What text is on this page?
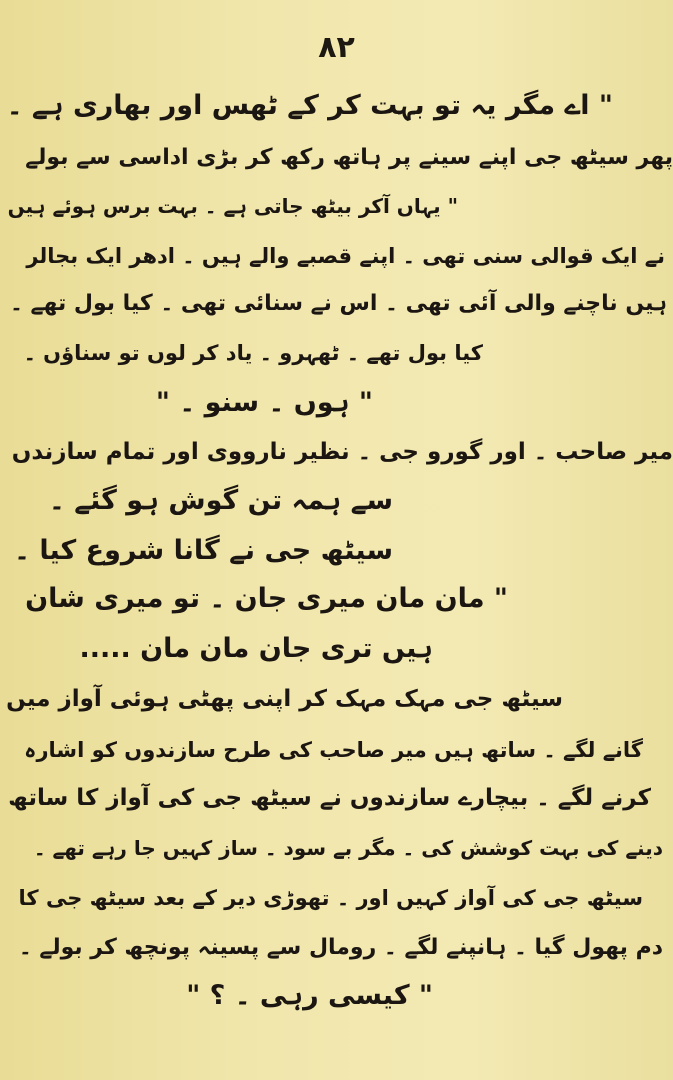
۸۲
" اے مگر یہ تو بہت کر کے ٹھس اور بھاری ہے ۔
پھر سیٹھ جی اپنے سینے پر ہاتھ رکھ کر بڑی اداسی سے بولے
" یہاں آکر بیٹھ جاتی ہے ۔ بہت برس ہوئے ہیں
نے ایک قوالی سنی تھی ۔ اپنے قصبے والے ہیں ۔ ادھر ایک بجالر
ہیں ناچنے والی آئی تھی ۔ اس نے سنائی تھی ۔ کیا بول تھے ۔
کیا بول تھے ۔ ٹھہرو ۔ یاد کر لوں تو سناؤں ۔
" ہوں ۔ سنو ۔ "
میر صاحب ۔ اور گورو جی ۔ نظیر نارووی اور تمام سازندں
سے ہمہ تن گوش ہو گئے ۔
سیٹھ جی نے گانا شروع کیا ۔
" مان مان میری جان ۔ تو میری شان
ہیں تری جان مان مان .....
سیٹھ جی مہک مہک کر اپنی پھٹی ہوئی آواز میں
گانے لگے ۔ ساتھ ہیں میر صاحب کی طرح سازندوں کو اشارہ
کرنے لگے ۔ بیچارے سازندوں نے سیٹھ جی کی آواز کا ساتھ
دینے کی بہت کوشش کی ۔ مگر بے سود ۔ ساز کہیں جا رہے تھے ۔
سیٹھ جی کی آواز کہیں اور ۔ تھوڑی دیر کے بعد سیٹھ جی کا
دم پھول گیا ۔ ہانپنے لگے ۔ رومال سے پسینہ پونچھ کر بولے ۔
" کیسی رہی ۔ ؟ "
